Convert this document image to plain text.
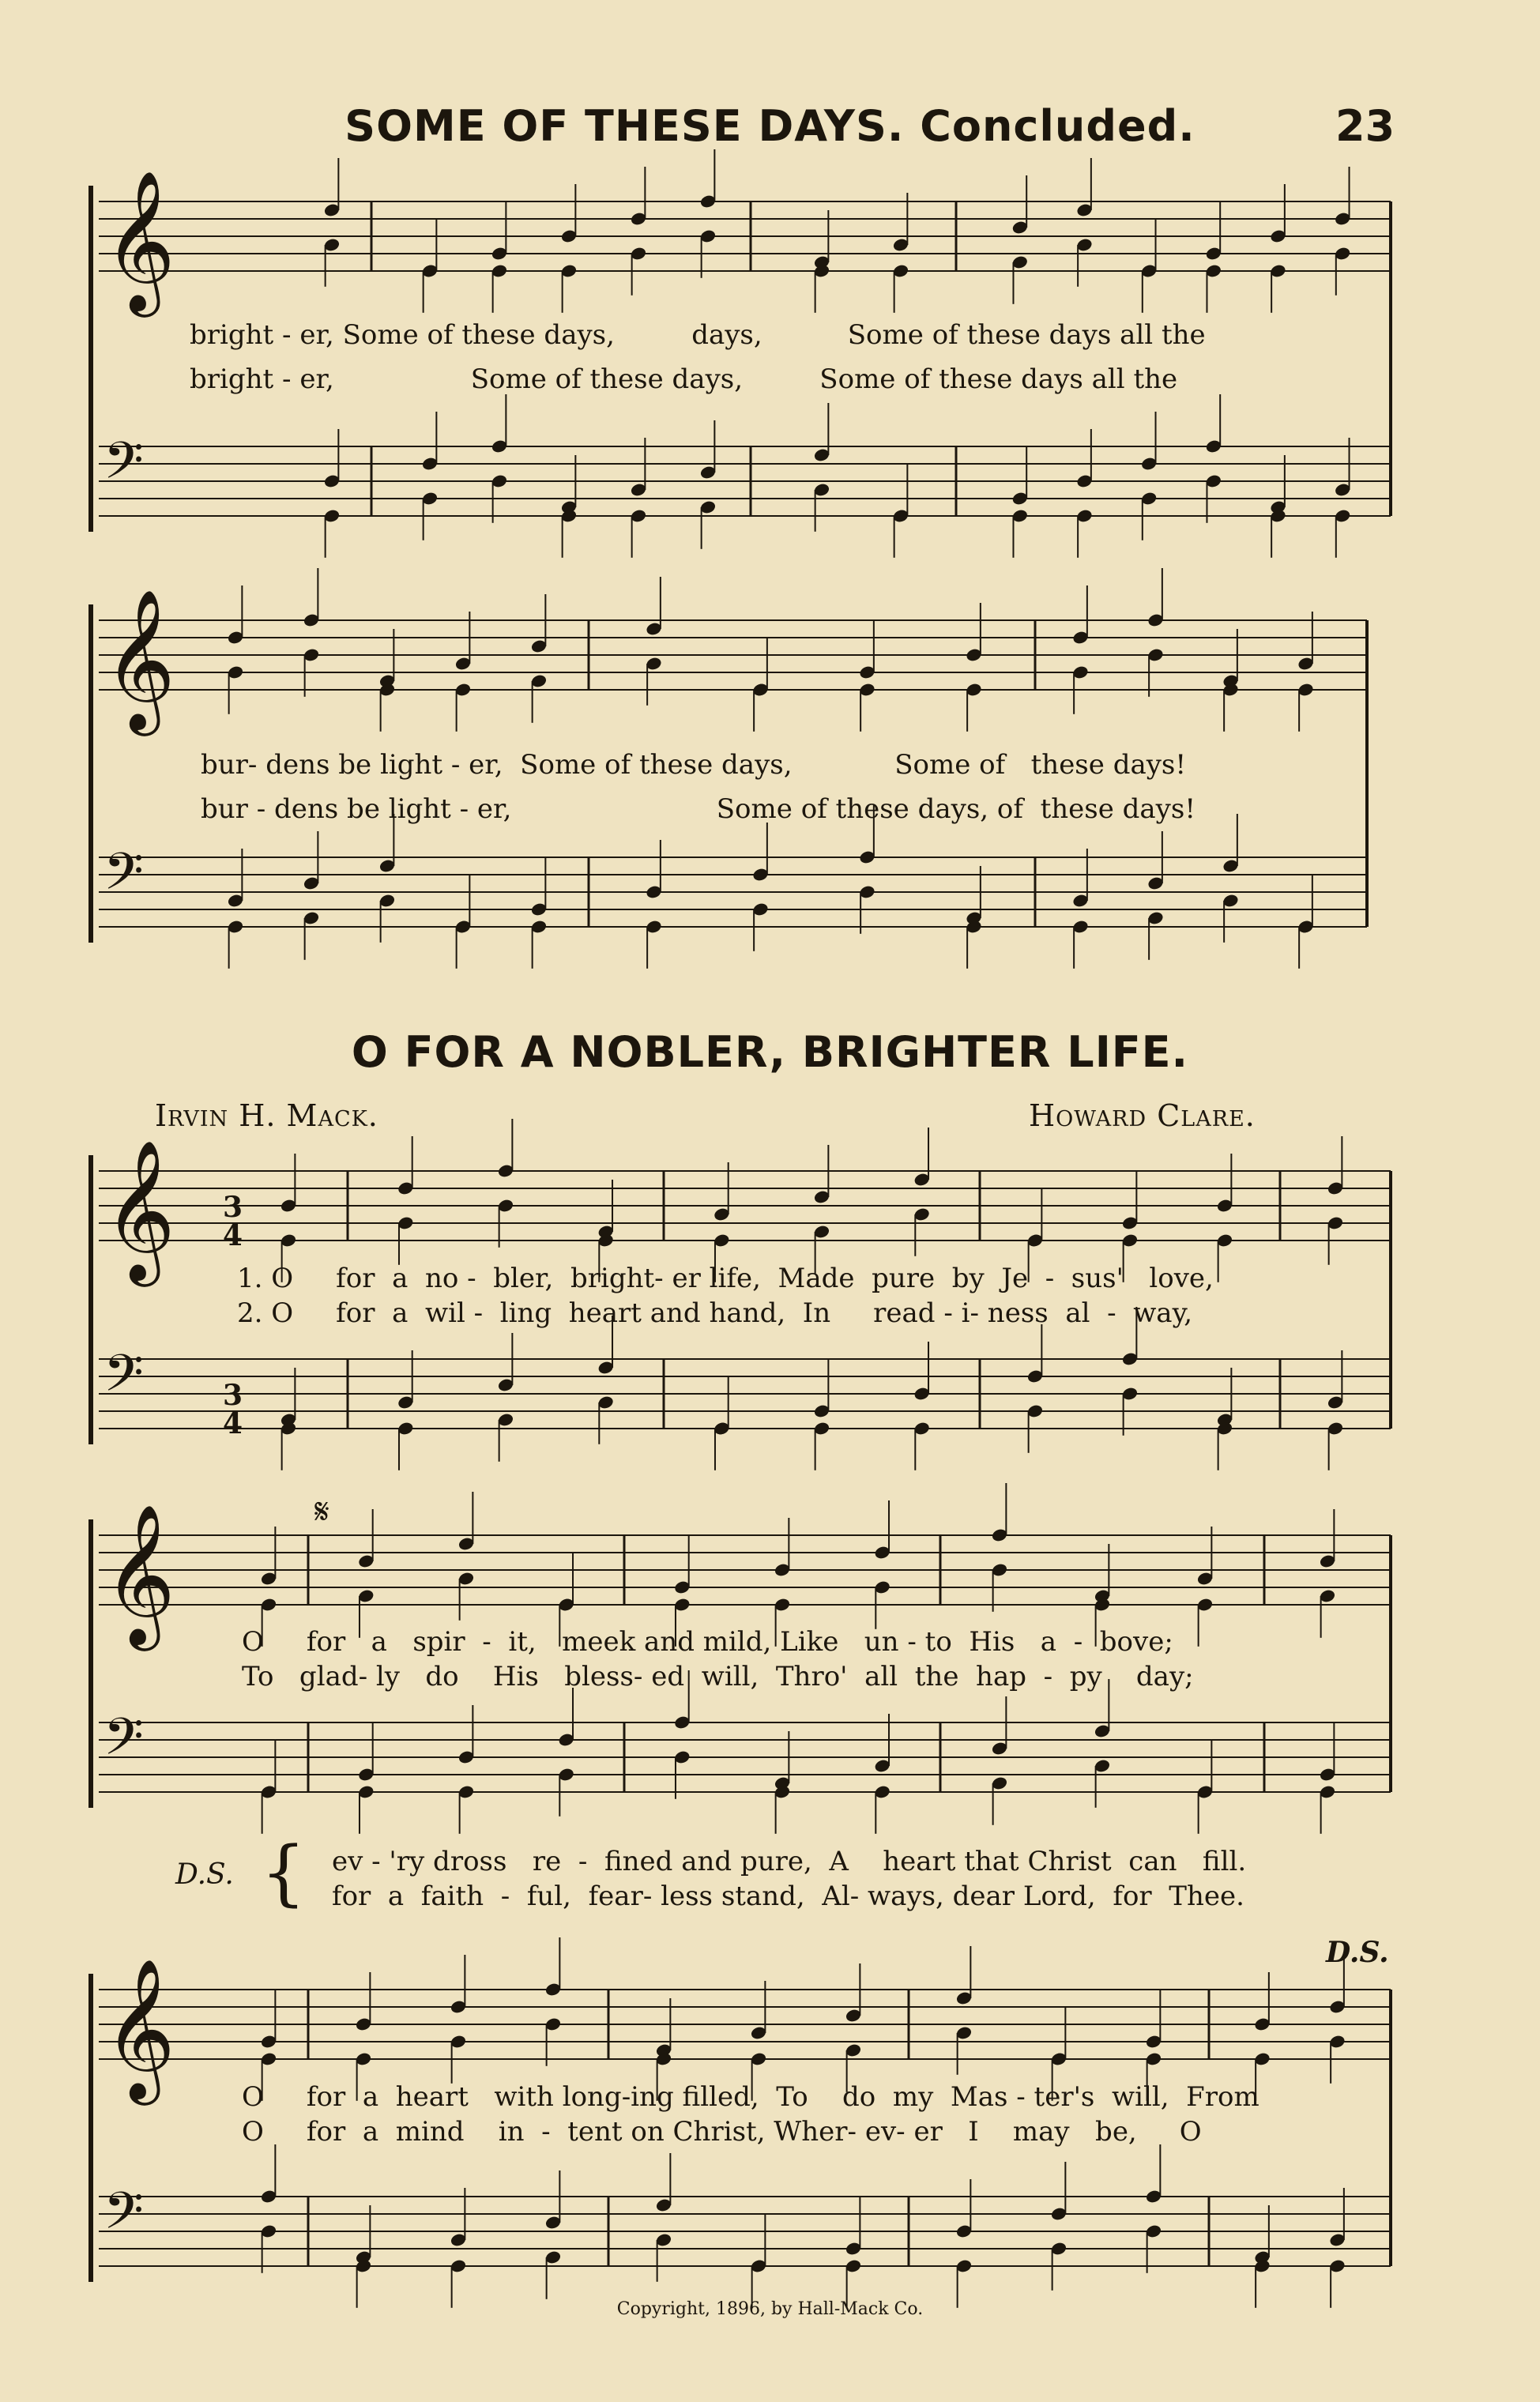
SOME OF THESE DAYS. Concluded.	23
𝄞
𝄢
𝄞
𝄢
𝄞
𝄢
𝄞
𝄢
𝄞
𝄢
bright - er, Some of these days,         days,          Some of these days all the
bright - er,                Some of these days,         Some of these days all the
bur- dens be light - er,  Some of these days,            Some of   these days!
bur - dens be light - er,                        Some of these days, of  these days!
O FOR A NOBLER, BRIGHTER LIFE.
Irvin H. Mack.	Howard Clare.
1. O     for  a  no -  bler,  bright- er life,  Made  pure  by  Je  -  sus'   love,
2. O     for  a  wil -  ling  heart and hand,  In     read - i- ness  al  -  way,
O     for   a   spir  -  it,   meek and mild, Like   un - to  His   a  -  bove;
To   glad- ly   do    His   bless- ed  will,  Thro'  all  the  hap  -  py    day;
D.S. { ev - 'ry dross   re  -  fined and pure,  A    heart that Christ  can   fill.
for  a  faith  -  ful,  fear- less stand,  Al- ways, dear Lord,  for  Thee.
O     for  a  heart   with long-ing filled,  To    do  my  Mas - ter's  will,  From
O     for  a  mind    in  -  tent on Christ, Wher- ev- er   I    may   be,     O
D.S.
Copyright, 1896, by Hall-Mack Co.
3
4
3
4
𝄋
